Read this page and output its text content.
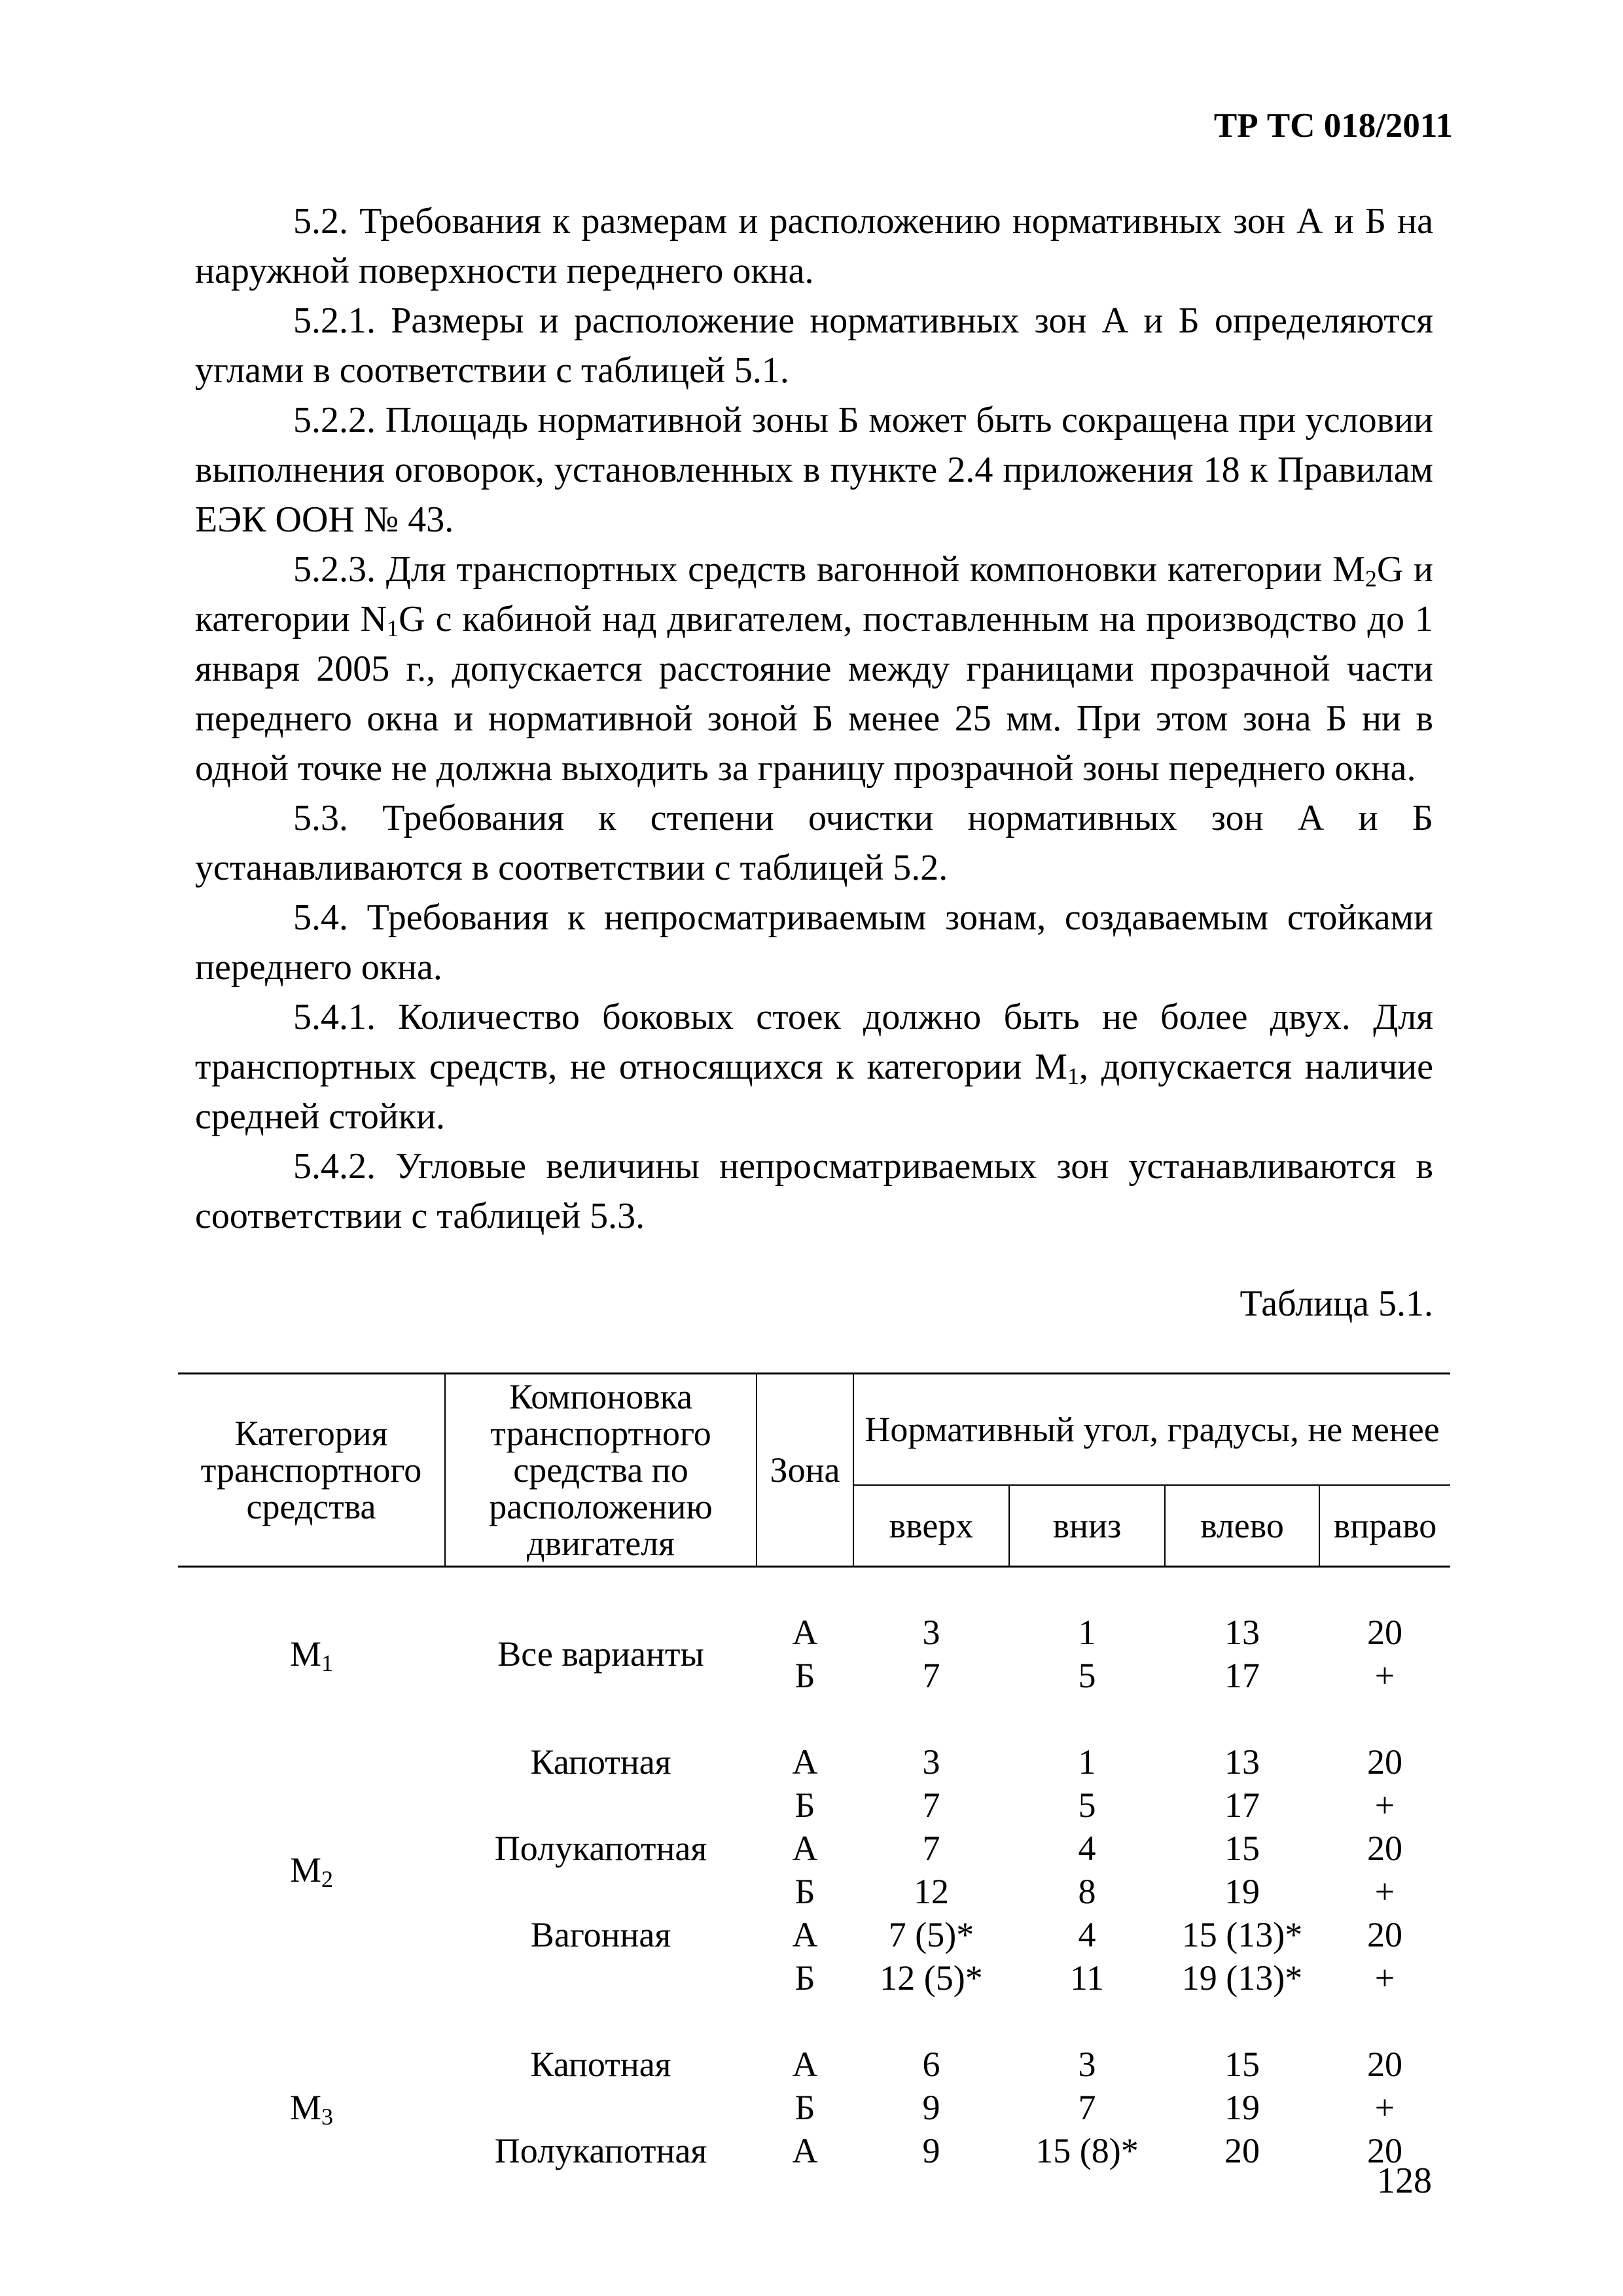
ТР ТС 018/2011

5.2. Требования к размерам и расположению нормативных зон А и Б на наружной поверхности переднего окна.

5.2.1. Размеры и расположение нормативных зон А и Б определяются углами в соответствии с таблицей 5.1.

5.2.2. Площадь нормативной зоны Б может быть сокращена при условии выполнения оговорок, установленных в пункте 2.4 приложения 18 к Правилам ЕЭК ООН № 43.

5.2.3. Для транспортных средств вагонной компоновки категории $M_2G$ и категории $N_1G$ с кабиной над двигателем, поставленным на производство до 1 января 2005 г., допускается расстояние между границами прозрачной части переднего окна и нормативной зоной Б менее 25 мм. При этом зона Б ни в одной точке не должна выходить за границу прозрачной зоны переднего окна.

5.3. Требования к степени очистки нормативных зон А и Б устанавливаются в соответствии с таблицей 5.2.

5.4. Требования к непросматриваемым зонам, создаваемым стойками переднего окна.

5.4.1. Количество боковых стоек должно быть не более двух. Для транспортных средств, не относящихся к категории $M_1$, допускается наличие средней стойки.

5.4.2. Угловые величины непросматриваемых зон устанавливаются в соответствии с таблицей 5.3.

Таблица 5.1.
Категория транспортного средства	Компоновка транспортного средства по расположению двигателя	Зона	Нормативный угол, градусы, не менее			
			вверх	вниз	влево	вправо

$M_1$	Все варианты	А	3	1	13	20
		Б	7	5	17	+

$M_2$	Капотная	А	3	1	13	20
		Б	7	5	17	+
	Полукапотная	А	7	4	15	20
		Б	12	8	19	+
	Вагонная	А	7 (5)*	4	15 (13)*	20
		Б	12 (5)*	11	19 (13)*	+

$M_3$	Капотная	А	6	3	15	20
		Б	9	7	19	+
	Полукапотная	А	9	15 (8)*	20	20
128
